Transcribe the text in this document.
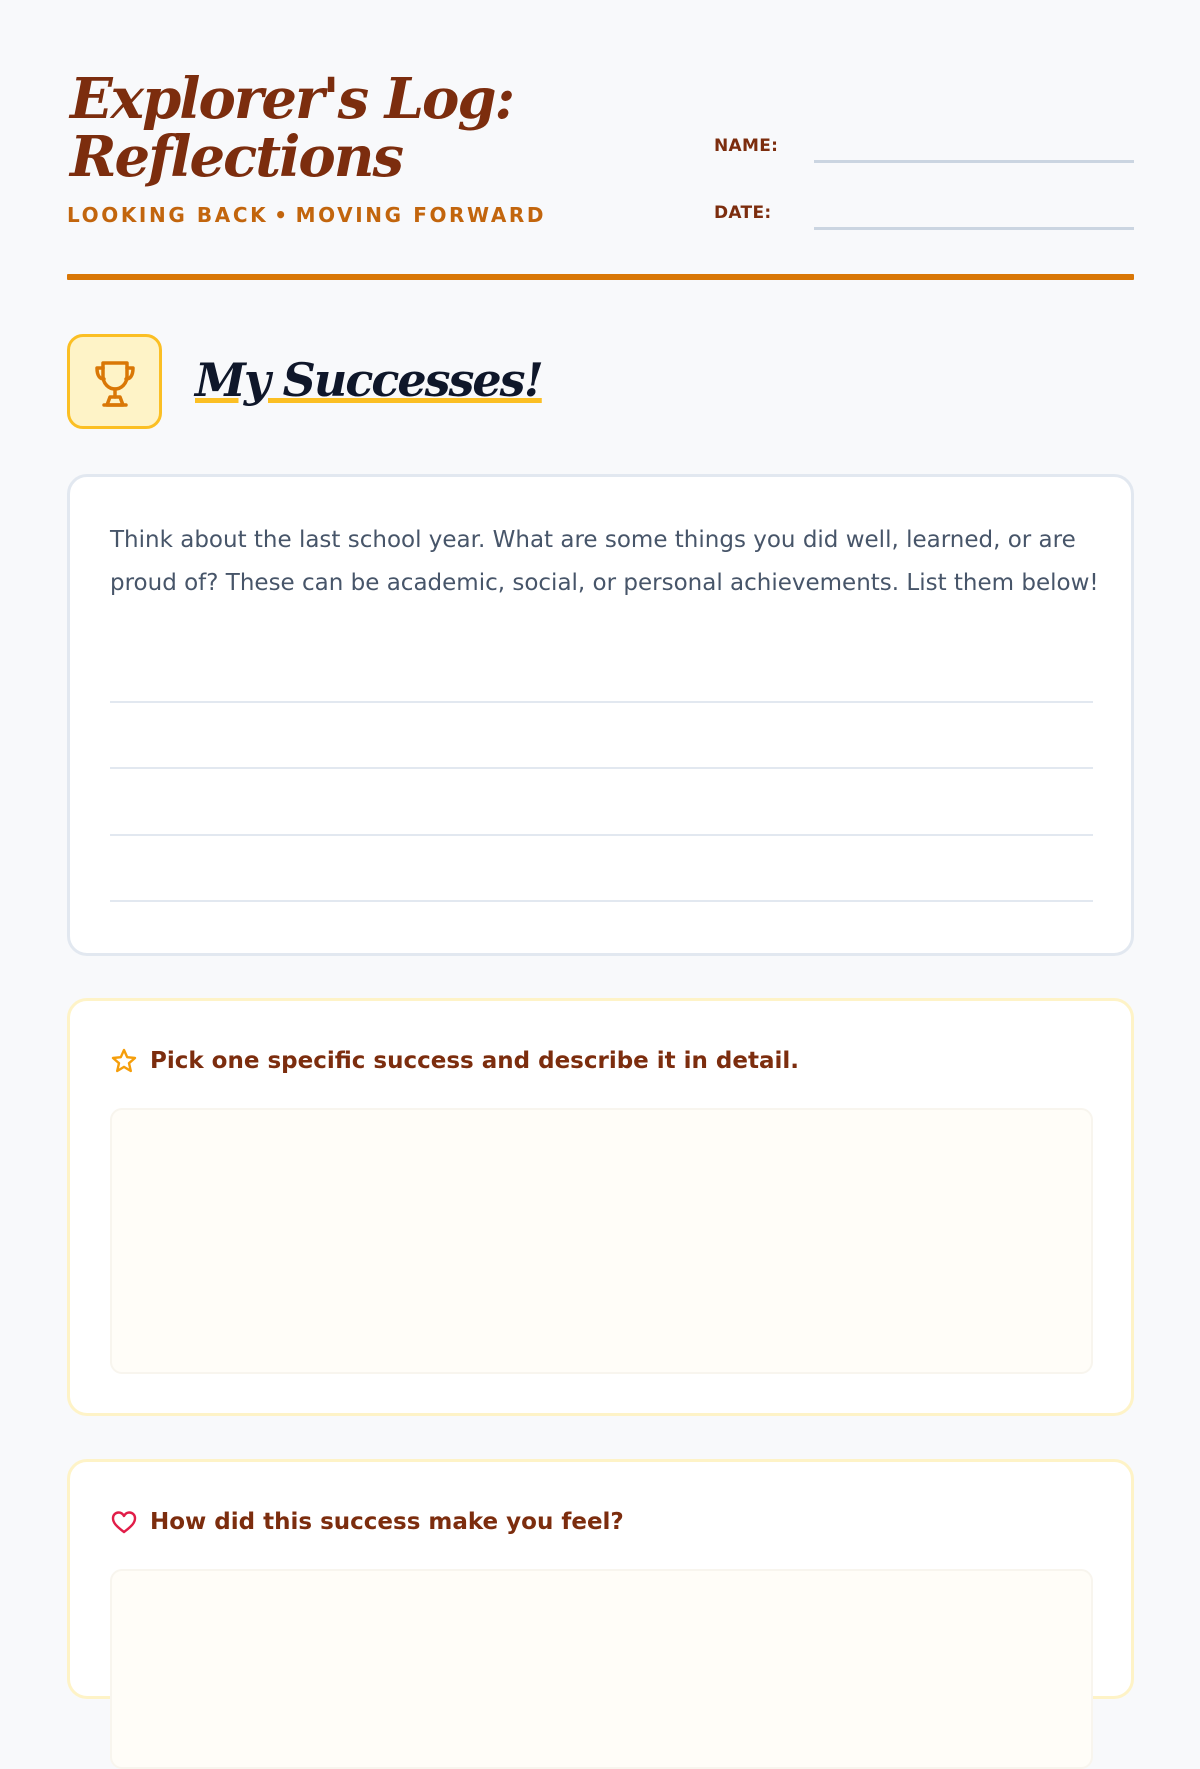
Explorer's Log:
Reflections
LOOKING BACK • MOVING FORWARD
NAME:
DATE:
My Successes!

Think about the last school year. What are some things you did well, learned, or are proud of? These can be academic, social, or personal achievements. List them below!

Pick one specific success and describe it in detail.
How did this success make you feel?
